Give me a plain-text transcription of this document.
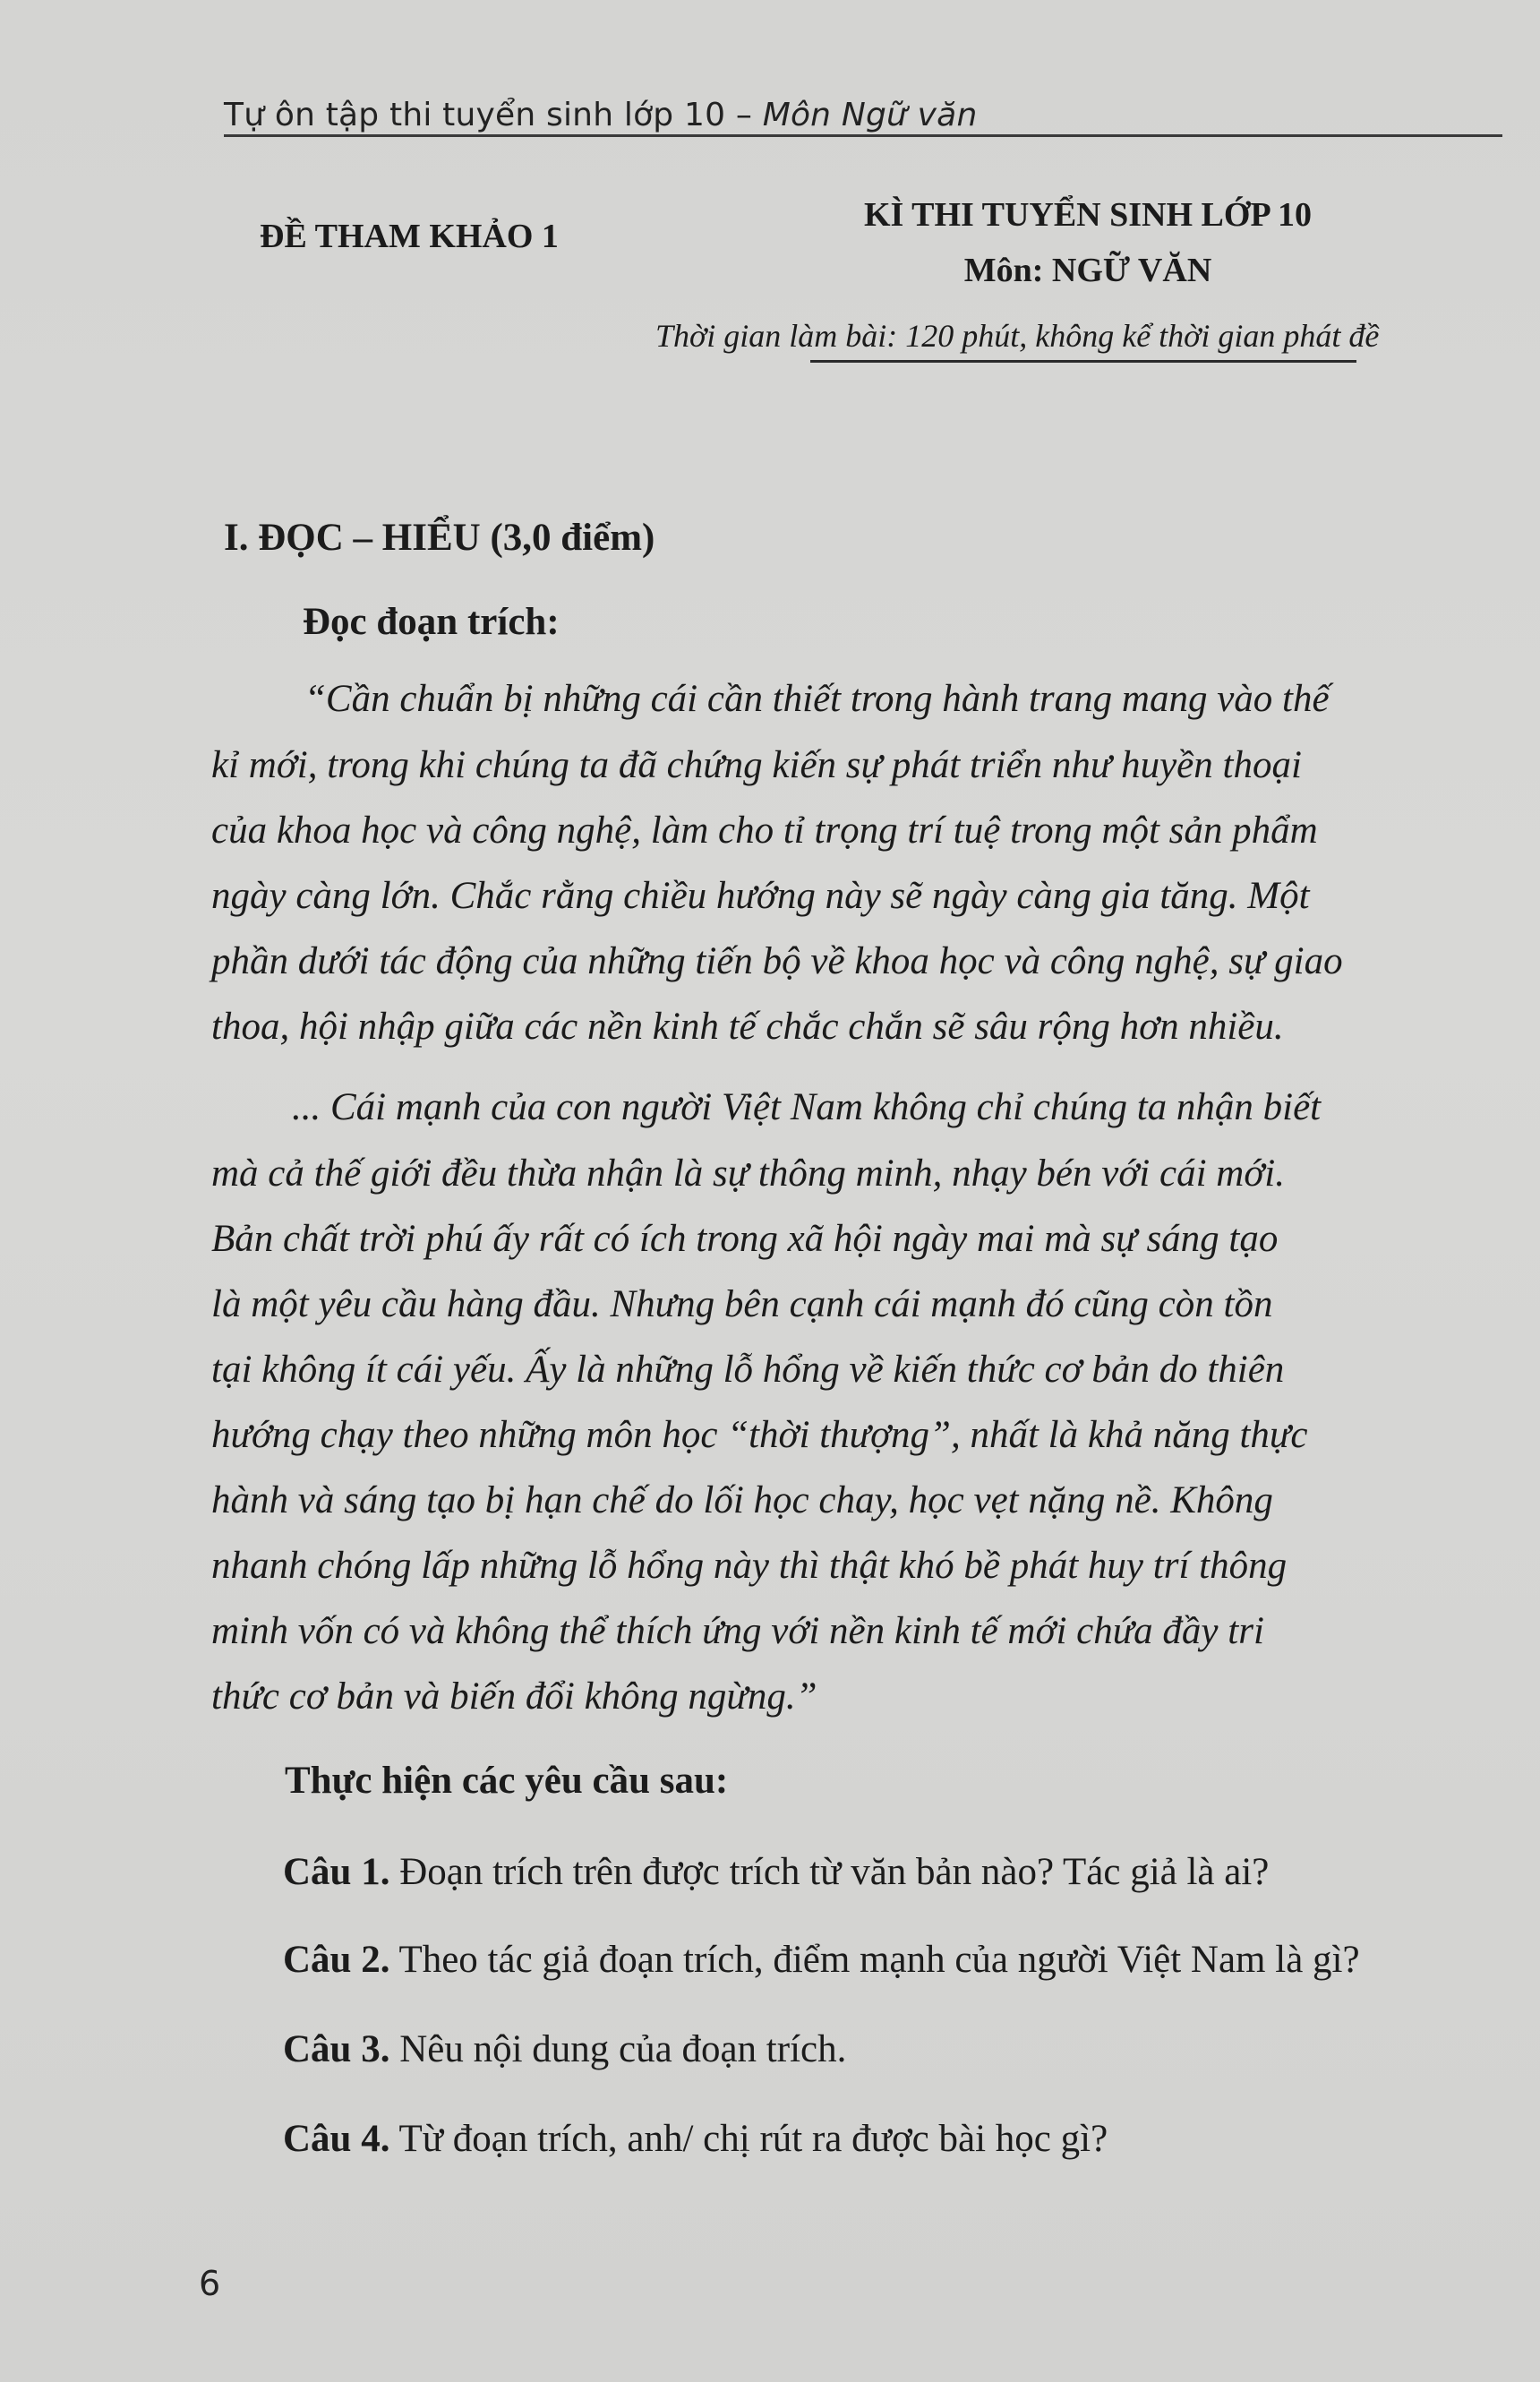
Tự ôn tập thi tuyển sinh lớp 10 – Môn Ngữ văn
ĐỀ THAM KHẢO 1
KÌ THI TUYỂN SINH LỚP 10
Môn: NGỮ VĂN
Thời gian làm bài: 120 phút, không kể thời gian phát đề
I. ĐỌC – HIỂU (3,0 điểm)
Đọc đoạn trích:
“Cần chuẩn bị những cái cần thiết trong hành trang mang vào thế
kỉ mới, trong khi chúng ta đã chứng kiến sự phát triển như huyền thoại
của khoa học và công nghệ, làm cho tỉ trọng trí tuệ trong một sản phẩm
ngày càng lớn. Chắc rằng chiều hướng này sẽ ngày càng gia tăng. Một
phần dưới tác động của những tiến bộ về khoa học và công nghệ, sự giao
thoa, hội nhập giữa các nền kinh tế chắc chắn sẽ sâu rộng hơn nhiều.
... Cái mạnh của con người Việt Nam không chỉ chúng ta nhận biết
mà cả thế giới đều thừa nhận là sự thông minh, nhạy bén với cái mới.
Bản chất trời phú ấy rất có ích trong xã hội ngày mai mà sự sáng tạo
là một yêu cầu hàng đầu. Nhưng bên cạnh cái mạnh đó cũng còn tồn
tại không ít cái yếu. Ấy là những lỗ hổng về kiến thức cơ bản do thiên
hướng chạy theo những môn học “thời thượng”, nhất là khả năng thực
hành và sáng tạo bị hạn chế do lối học chay, học vẹt nặng nề. Không
nhanh chóng lấp những lỗ hổng này thì thật khó bề phát huy trí thông
minh vốn có và không thể thích ứng với nền kinh tế mới chứa đầy tri
thức cơ bản và biến đổi không ngừng.”
Thực hiện các yêu cầu sau:
Câu 1. Đoạn trích trên được trích từ văn bản nào? Tác giả là ai?
Câu 2. Theo tác giả đoạn trích, điểm mạnh của người Việt Nam là gì?
Câu 3. Nêu nội dung của đoạn trích.
Câu 4. Từ đoạn trích, anh/ chị rút ra được bài học gì?
6
